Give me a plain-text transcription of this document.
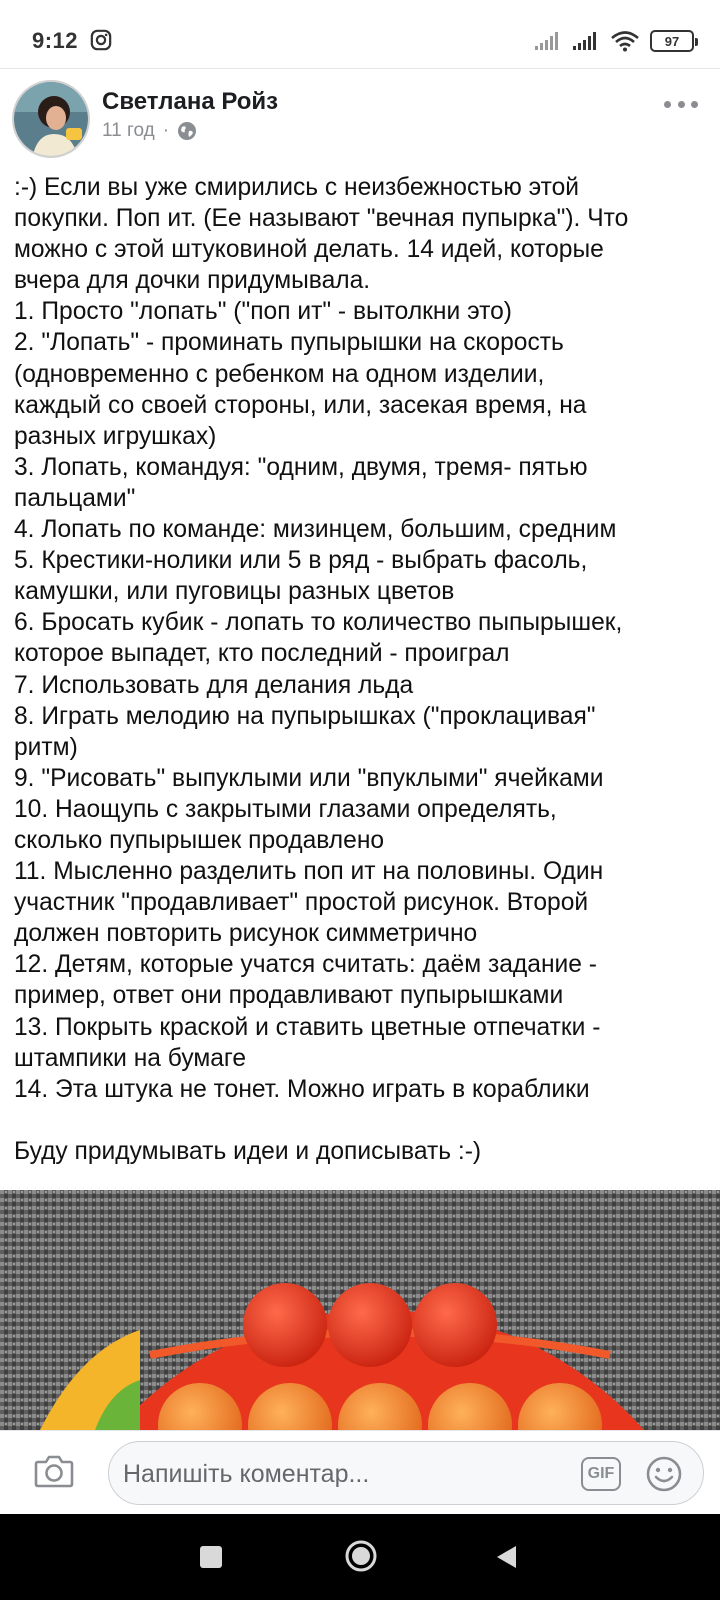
9:12	97
Светлана Ройз
11 год ·
:-) Если вы уже смирились с неизбежностью этой
покупки. Поп ит. (Ее называют "вечная пупырка"). Что
можно с этой штуковиной делать. 14 идей, которые
вчера для дочки придумывала.
1. Просто "лопать" ("поп ит" - вытолкни это)
2. "Лопать" - проминать пупырышки на скорость
(одновременно с ребенком на одном изделии,
каждый со своей стороны, или, засекая время, на
разных игрушках)
3. Лопать, командуя: "одним, двумя, тремя- пятью
пальцами"
4. Лопать по команде: мизинцем, большим, средним
5. Крестики-нолики или 5 в ряд - выбрать фасоль,
камушки, или пуговицы разных цветов
6. Бросать кубик - лопать то количество пыпырышек,
которое выпадет, кто последний - проиграл
7. Использовать для делания льда
8. Играть мелодию на пупырышках ("проклацивая"
ритм)
9. "Рисовать" выпуклыми или "впуклыми" ячейками
10. Наощупь с закрытыми глазами определять,
сколько пупырышек продавлено
11. Мысленно разделить поп ит на половины. Один
участник "продавливает" простой рисунок. Второй
должен повторить рисунок симметрично
12. Детям, которые учатся считать: даём задание -
пример, ответ они продавливают пупырышками
13. Покрыть краской и ставить цветные отпечатки -
штампики на бумаге
14. Эта штука не тонет. Можно играть в кораблики

Буду придумывать идеи и дописывать :-)
Напишіть коментар...	GIF
